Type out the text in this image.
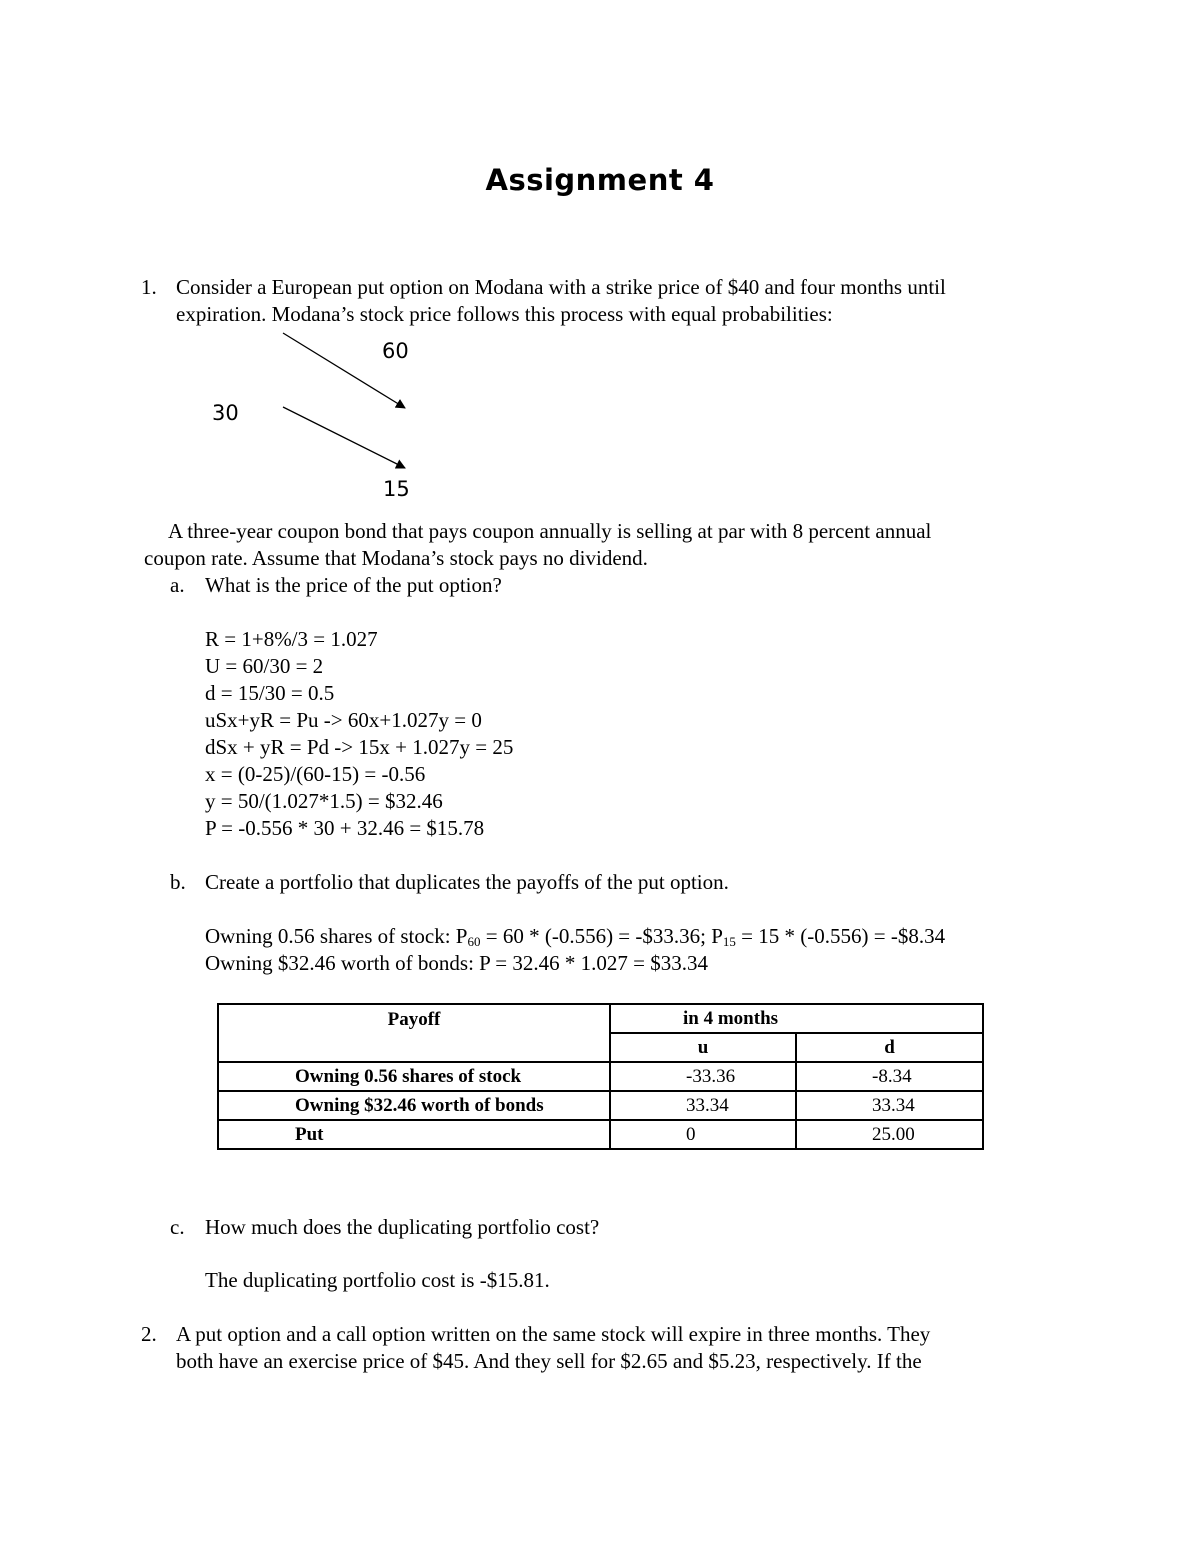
Assignment 4
1. Consider a European put option on Modana with a strike price of $40 and four months until
expiration. Modana’s stock price follows this process with equal probabilities:
60
30
15
A three-year coupon bond that pays coupon annually is selling at par with 8 percent annual
coupon rate. Assume that Modana’s stock pays no dividend.
a. What is the price of the put option?
R = 1+8%/3 = 1.027
U = 60/30 = 2
d = 15/30 = 0.5
uSx+yR = Pu -> 60x+1.027y = 0
dSx + yR = Pd -> 15x + 1.027y = 25
x = (0-25)/(60-15) = -0.56
y = 50/(1.027*1.5) = $32.46
P = -0.556 * 30 + 32.46 = $15.78
b. Create a portfolio that duplicates the payoffs of the put option.
Owning 0.56 shares of stock: $P_{60} = 60 * (-0.556)$ = -$33.36; $P_{15} = 15 * (-0.556)$ = -$8.34
Owning $32.46 worth of bonds: P = 32.46 * 1.027 = $33.34
Payoff	in 4 months	
	u	d
Owning 0.56 shares of stock	-33.36	-8.34
Owning $32.46 worth of bonds	33.34	33.34
Put	0	25.00
c. How much does the duplicating portfolio cost?
The duplicating portfolio cost is -$15.81.
2. A put option and a call option written on the same stock will expire in three months. They
both have an exercise price of $45. And they sell for $2.65 and $5.23, respectively. If the
